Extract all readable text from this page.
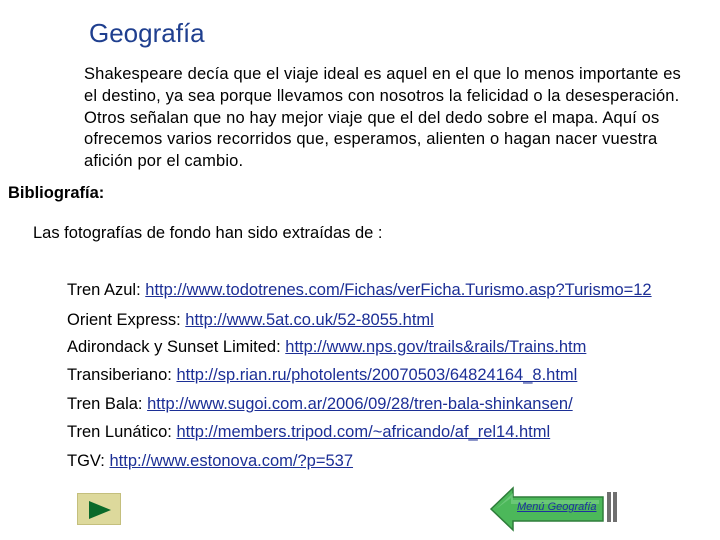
Geografía
Shakespeare decía que el viaje ideal es aquel en el que lo menos importante es el destino, ya sea porque llevamos con nosotros la felicidad o la desesperación. Otros señalan que no hay mejor viaje que el del dedo sobre el mapa. Aquí os ofrecemos varios recorridos que, esperamos, alienten o hagan nacer vuestra afición por el cambio.
Bibliografía:
Las fotografías de fondo han sido extraídas de :
Tren Azul: http://www.todotrenes.com/Fichas/verFicha.Turismo.asp?Turismo=12
Orient Express: http://www.5at.co.uk/52-8055.html
Adirondack y Sunset Limited: http://www.nps.gov/trails&rails/Trains.htm
Transiberiano: http://sp.rian.ru/photolents/20070503/64824164_8.html
Tren Bala: http://www.sugoi.com.ar/2006/09/28/tren-bala-shinkansen/
Tren Lunático: http://members.tripod.com/~africando/af_rel14.html
TGV: http://www.estonova.com/?p=537
Menú Geografía
